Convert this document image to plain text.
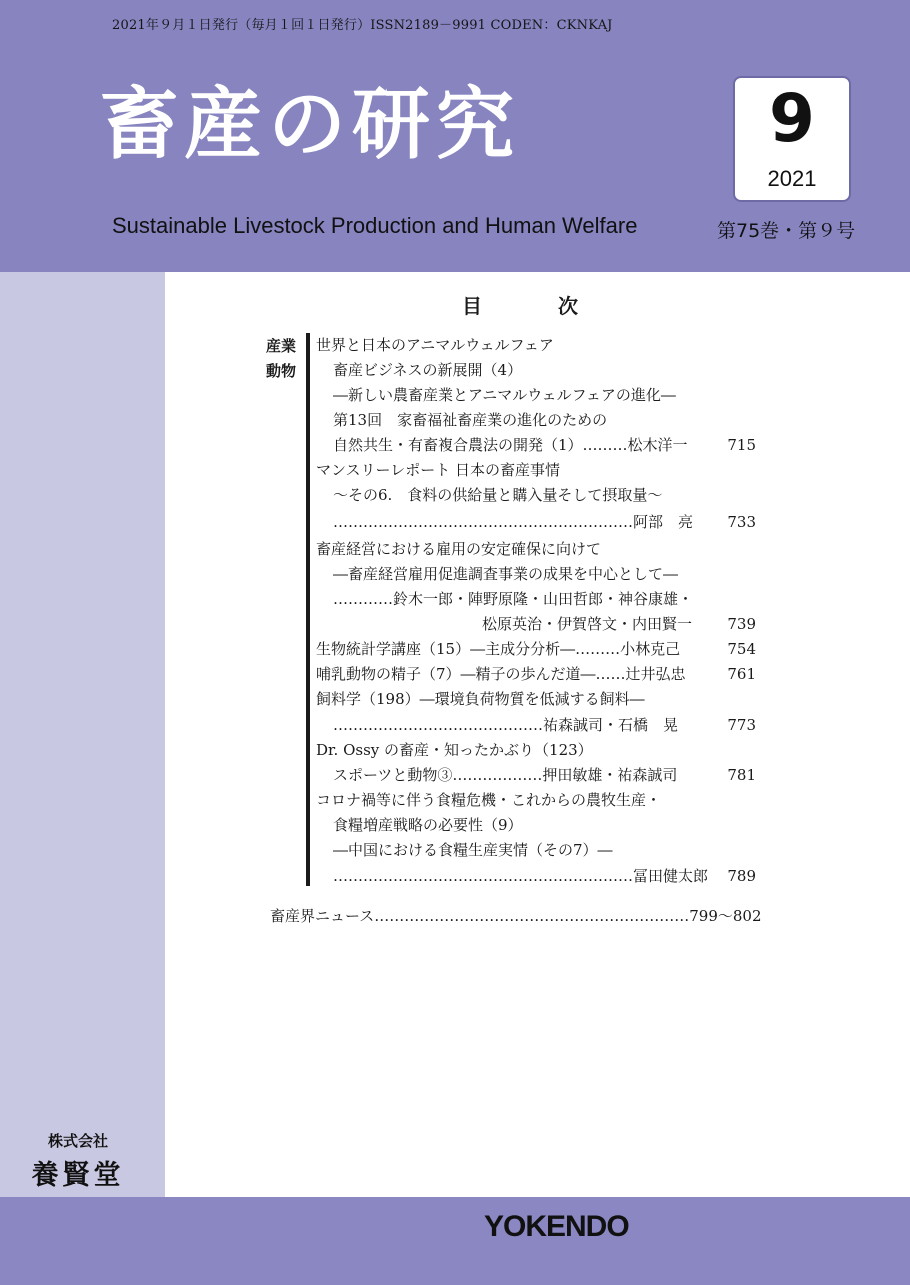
2021年９月１日発行（毎月１回１日発行）ISSN2189－9991 CODEN：CKNKAJ
畜産の研究
Sustainable Livestock Production and Human Welfare
9
2021
第75巻・第９号
目　次
産業
動物
世界と日本のアニマルウェルフェア
畜産ビジネスの新展開（4）
―新しい農畜産業とアニマルウェルフェアの進化―
第13回　家畜福祉畜産業の進化のための
自然共生・有畜複合農法の開発（1）………松木洋一	715
マンスリーレポート 日本の畜産事情
～その6.　食料の供給量と購入量そして摂取量～
……………………………………………………阿部　亮 733
畜産経営における雇用の安定確保に向けて
―畜産経営雇用促進調査事業の成果を中心として―
…………鈴木一郎・陣野原隆・山田哲郎・神谷康雄・
松原英治・伊賀啓文・内田賢一 739
生物統計学講座（15）―主成分分析―………小林克己	754
哺乳動物の精子（7）―精子の歩んだ道―……辻井弘忠	761
飼料学（198）―環境負荷物質を低減する飼料―
……………………………………祐森誠司・石橋　晃	773
Dr. Ossy の畜産・知ったかぶり（123）
スポーツと動物③………………押田敏雄・祐森誠司	781
コロナ禍等に伴う食糧危機・これからの農牧生産・
食糧増産戦略の必要性（9）
―中国における食糧生産実情（その7）―
……………………………………………………冨田健太郎 789
畜産界ニュース………………………………………………………799～802
株式会社
養賢堂
YOKENDO
